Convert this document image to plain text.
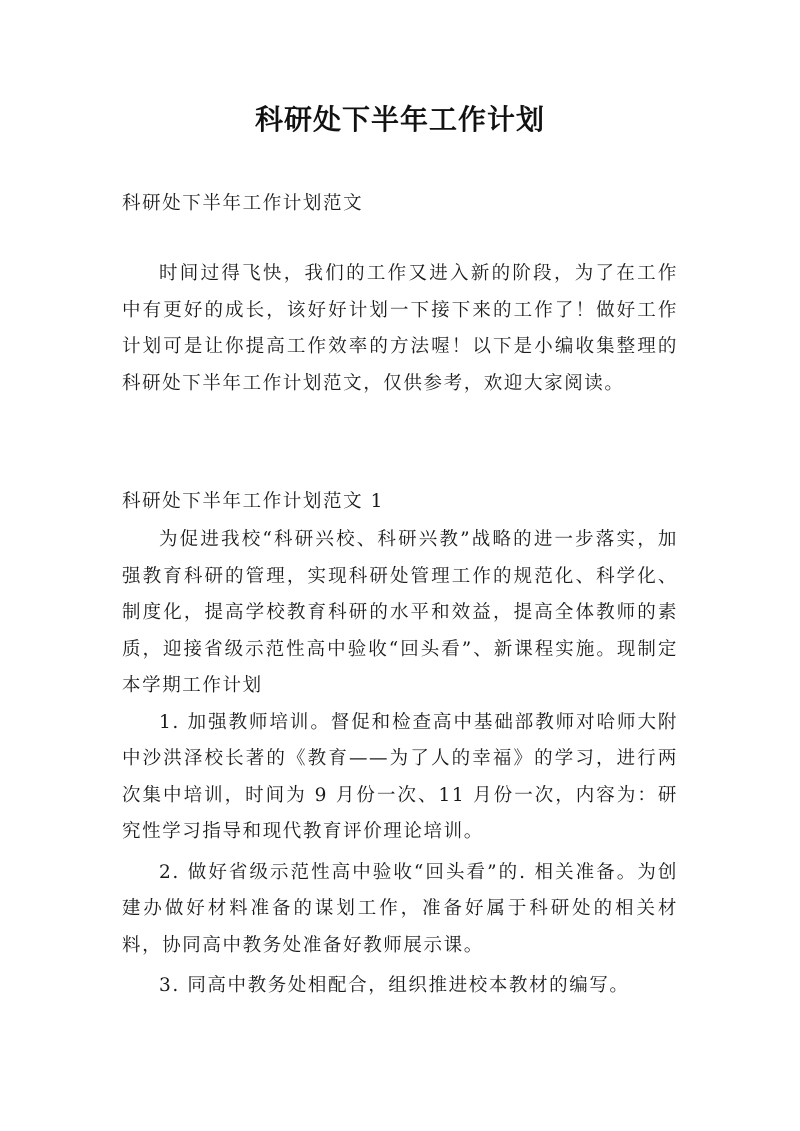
科研处下半年工作计划
科研处下半年工作计划范文

时间过得飞快，我们的工作又进入新的阶段，为了在工作中有更好的成长，该好好计划一下接下来的工作了！做好工作计划可是让你提高工作效率的方法喔！以下是小编收集整理的科研处下半年工作计划范文，仅供参考，欢迎大家阅读。

科研处下半年工作计划范文 1

为促进我校“科研兴校、科研兴教”战略的进一步落实，加强教育科研的管理，实现科研处管理工作的规范化、科学化、制度化，提高学校教育科研的水平和效益，提高全体教师的素质，迎接省级示范性高中验收“回头看”、新课程实施。现制定本学期工作计划

1. 加强教师培训。督促和检查高中基础部教师对哈师大附中沙洪泽校长著的《教育——为了人的幸福》的学习，进行两次集中培训，时间为 9 月份一次、11 月份一次，内容为：研究性学习指导和现代教育评价理论培训。

2. 做好省级示范性高中验收“回头看”的. 相关准备。为创建办做好材料准备的谋划工作，准备好属于科研处的相关材料，协同高中教务处准备好教师展示课。

3. 同高中教务处相配合，组织推进校本教材的编写。
